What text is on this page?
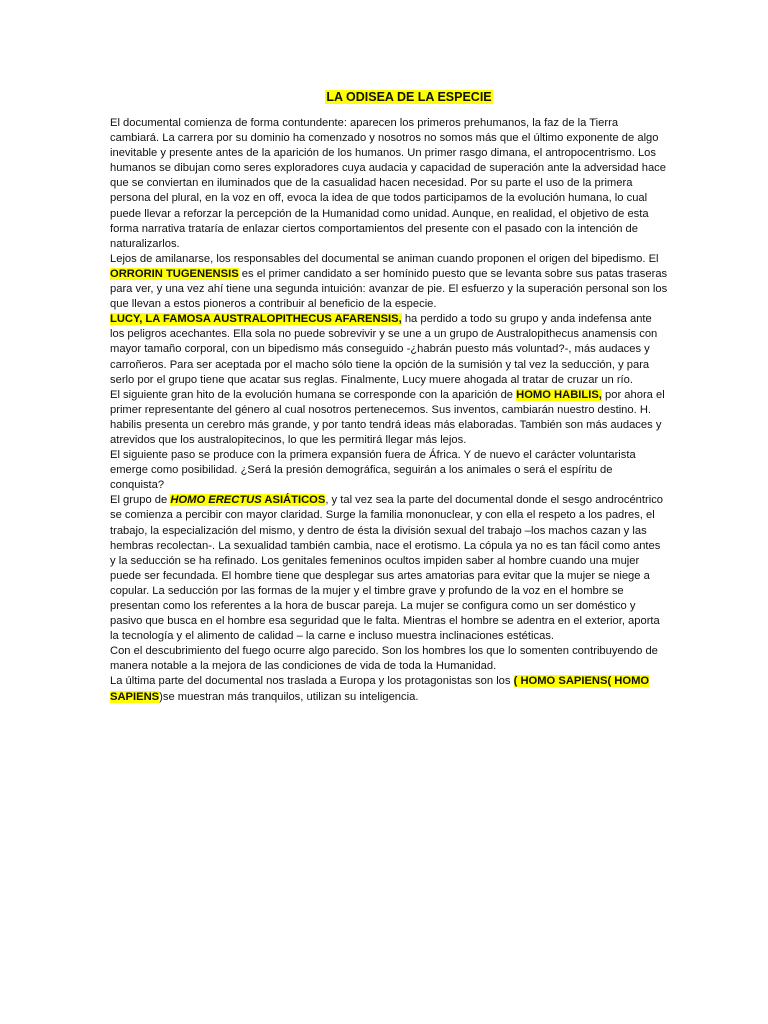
LA ODISEA DE LA ESPECIE

El documental comienza de forma contundente: aparecen los primeros prehumanos, la faz de la Tierra cambiará. La carrera por su dominio ha comenzado y nosotros no somos más que el último exponente de algo inevitable y presente antes de la aparición de los humanos. Un primer rasgo dimana, el antropocentrismo. Los humanos se dibujan como seres exploradores cuya audacia y capacidad de superación ante la adversidad hace que se conviertan en iluminados que de la casualidad hacen necesidad. Por su parte el uso de la primera persona del plural, en la voz en off, evoca la idea de que todos participamos de la evolución humana, lo cual puede llevar a reforzar la percepción de la Humanidad como unidad. Aunque, en realidad, el objetivo de esta forma narrativa trataría de enlazar ciertos comportamientos del presente con el pasado con la intención de naturalizarlos.

Lejos de amilanarse, los responsables del documental se animan cuando proponen el origen del bipedismo. El ORRORIN TUGENENSIS es el primer candidato a ser homínido puesto que se levanta sobre sus patas traseras para ver, y una vez ahí tiene una segunda intuición: avanzar de pie. El esfuerzo y la superación personal son los que llevan a estos pioneros a contribuir al beneficio de la especie.

LUCY, LA FAMOSA AUSTRALOPITHECUS AFARENSIS, ha perdido a todo su grupo y anda indefensa ante los peligros acechantes. Ella sola no puede sobrevivir y se une a un grupo de Australopithecus anamensis con mayor tamaño corporal, con un bipedismo más conseguido -¿habrán puesto más voluntad?-, más audaces y carroñeros. Para ser aceptada por el macho sólo tiene la opción de la sumisión y tal vez la seducción, y para serlo por el grupo tiene que acatar sus reglas. Finalmente, Lucy muere ahogada al tratar de cruzar un río.

El siguiente gran hito de la evolución humana se corresponde con la aparición de HOMO HABILIS, por ahora el primer representante del género al cual nosotros pertenecemos. Sus inventos, cambiarán nuestro destino. H. habilis presenta un cerebro más grande, y por tanto tendrá ideas más elaboradas. También son más audaces y atrevidos que los australopitecinos, lo que les permitirá llegar más lejos.

El siguiente paso se produce con la primera expansión fuera de África. Y de nuevo el carácter voluntarista emerge como posibilidad. ¿Será la presión demográfica, seguirán a los animales o será el espíritu de conquista?

El grupo de HOMO ERECTUS ASIÁTICOS, y tal vez sea la parte del documental donde el sesgo androcéntrico se comienza a percibir con mayor claridad. Surge la familia mononuclear, y con ella el respeto a los padres, el trabajo, la especialización del mismo, y dentro de ésta la división sexual del trabajo –los machos cazan y las hembras recolectan-. La sexualidad también cambia, nace el erotismo. La cópula ya no es tan fácil como antes y la seducción se ha refinado. Los genitales femeninos ocultos impiden saber al hombre cuando una mujer puede ser fecundada. El hombre tiene que desplegar sus artes amatorias para evitar que la mujer se niege a copular. La seducción por las formas de la mujer y el timbre grave y profundo de la voz en el hombre se presentan como los referentes a la hora de buscar pareja. La mujer se configura como un ser doméstico y pasivo que busca en el hombre esa seguridad que le falta. Mientras el hombre se adentra en el exterior, aporta la tecnología y el alimento de calidad – la carne e incluso muestra inclinaciones estéticas.

Con el descubrimiento del fuego ocurre algo parecido. Son los hombres los que lo somenten contribuyendo de manera notable a la mejora de las condiciones de vida de toda la Humanidad.

La última parte del documental nos traslada a Europa y los protagonistas son los ( HOMO SAPIENS( HOMO SAPIENS)se muestran más tranquilos, utilizan su inteligencia.
